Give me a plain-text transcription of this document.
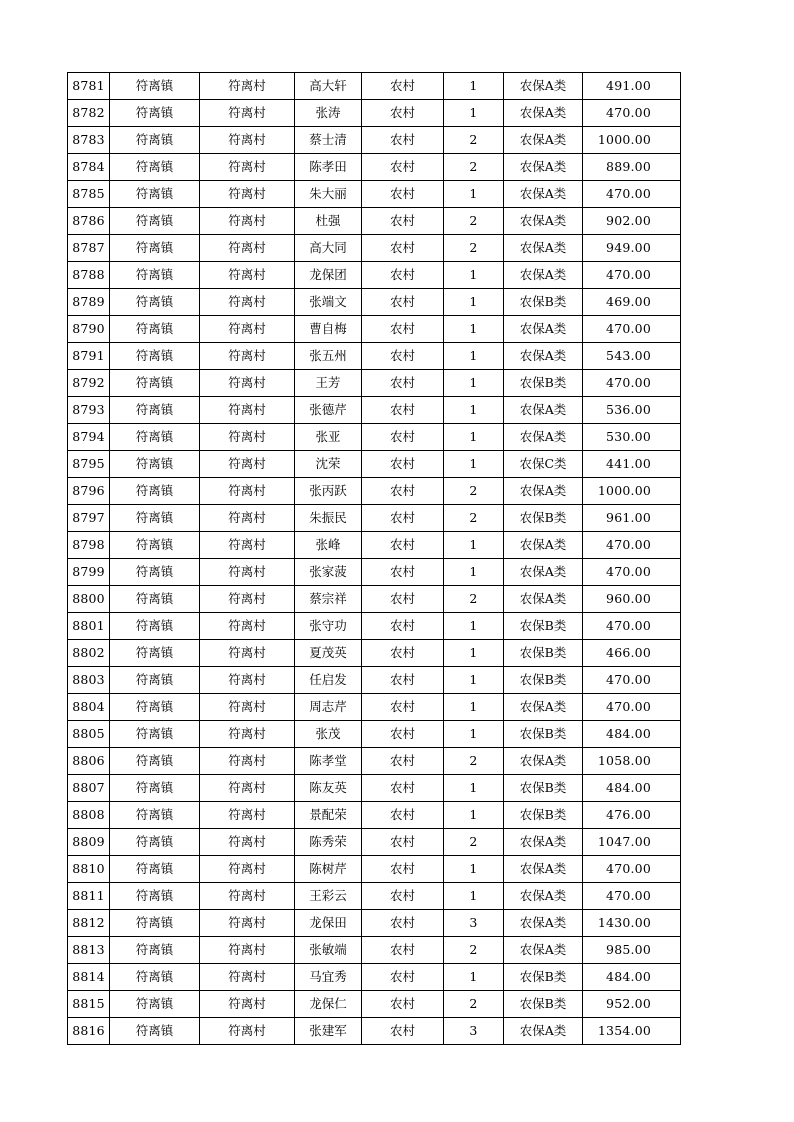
8781	符离镇	符离村	高大轩	农村	1	农保A类	491.00
8782	符离镇	符离村	张涛	农村	1	农保A类	470.00
8783	符离镇	符离村	蔡士清	农村	2	农保A类	1000.00
8784	符离镇	符离村	陈孝田	农村	2	农保A类	889.00
8785	符离镇	符离村	朱大丽	农村	1	农保A类	470.00
8786	符离镇	符离村	杜强	农村	2	农保A类	902.00
8787	符离镇	符离村	高大同	农村	2	农保A类	949.00
8788	符离镇	符离村	龙保团	农村	1	农保A类	470.00
8789	符离镇	符离村	张端文	农村	1	农保B类	469.00
8790	符离镇	符离村	曹自梅	农村	1	农保A类	470.00
8791	符离镇	符离村	张五州	农村	1	农保A类	543.00
8792	符离镇	符离村	王芳	农村	1	农保B类	470.00
8793	符离镇	符离村	张德芹	农村	1	农保A类	536.00
8794	符离镇	符离村	张亚	农村	1	农保A类	530.00
8795	符离镇	符离村	沈荣	农村	1	农保C类	441.00
8796	符离镇	符离村	张丙跃	农村	2	农保A类	1000.00
8797	符离镇	符离村	朱振民	农村	2	农保B类	961.00
8798	符离镇	符离村	张峰	农村	1	农保A类	470.00
8799	符离镇	符离村	张家菠	农村	1	农保A类	470.00
8800	符离镇	符离村	蔡宗祥	农村	2	农保A类	960.00
8801	符离镇	符离村	张守功	农村	1	农保B类	470.00
8802	符离镇	符离村	夏茂英	农村	1	农保B类	466.00
8803	符离镇	符离村	任启发	农村	1	农保B类	470.00
8804	符离镇	符离村	周志芹	农村	1	农保A类	470.00
8805	符离镇	符离村	张茂	农村	1	农保B类	484.00
8806	符离镇	符离村	陈孝堂	农村	2	农保A类	1058.00
8807	符离镇	符离村	陈友英	农村	1	农保B类	484.00
8808	符离镇	符离村	景配荣	农村	1	农保B类	476.00
8809	符离镇	符离村	陈秀荣	农村	2	农保A类	1047.00
8810	符离镇	符离村	陈树芹	农村	1	农保A类	470.00
8811	符离镇	符离村	王彩云	农村	1	农保A类	470.00
8812	符离镇	符离村	龙保田	农村	3	农保A类	1430.00
8813	符离镇	符离村	张敏端	农村	2	农保A类	985.00
8814	符离镇	符离村	马宜秀	农村	1	农保B类	484.00
8815	符离镇	符离村	龙保仁	农村	2	农保B类	952.00
8816	符离镇	符离村	张建军	农村	3	农保A类	1354.00
